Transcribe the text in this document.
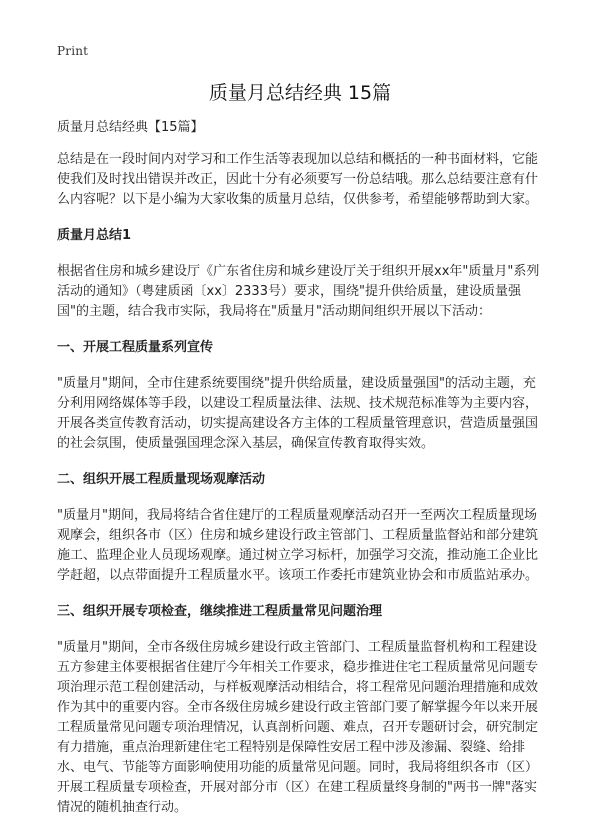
Print
质量月总结经典 15篇

质量月总结经典【15篇】

总结是在一段时间内对学习和工作生活等表现加以总结和概括的一种书面材料，它能使我们及时找出错误并改正，因此十分有必须要写一份总结哦。那么总结要注意有什么内容呢？以下是小编为大家收集的质量月总结，仅供参考，希望能够帮助到大家。

质量月总结1

根据省住房和城乡建设厅《广东省住房和城乡建设厅关于组织开展xx年"质量月"系列活动的通知》（粤建质函〔xx〕2333号）要求，围绕"提升供给质量，建设质量强国"的主题，结合我市实际，我局将在"质量月"活动期间组织开展以下活动：

一、开展工程质量系列宣传

"质量月"期间，全市住建系统要围绕"提升供给质量，建设质量强国"的活动主题，充分利用网络媒体等手段，以建设工程质量法律、法规、技术规范标准等为主要内容，开展各类宣传教育活动，切实提高建设各方主体的工程质量管理意识，营造质量强国的社会氛围，使质量强国理念深入基层，确保宣传教育取得实效。

二、组织开展工程质量现场观摩活动

"质量月"期间，我局将结合省住建厅的工程质量观摩活动召开一至两次工程质量现场观摩会，组织各市（区）住房和城乡建设行政主管部门、工程质量监督站和部分建筑施工、监理企业人员现场观摩。通过树立学习标杆，加强学习交流，推动施工企业比学赶超，以点带面提升工程质量水平。该项工作委托市建筑业协会和市质监站承办。

三、组织开展专项检查，继续推进工程质量常见问题治理

"质量月"期间，全市各级住房城乡建设行政主管部门、工程质量监督机构和工程建设五方参建主体要根据省住建厅今年相关工作要求，稳步推进住宅工程质量常见问题专项治理示范工程创建活动，与样板观摩活动相结合，将工程常见问题治理措施和成效作为其中的重要内容。全市各级住房城乡建设行政主管部门要了解掌握今年以来开展工程质量常见问题专项治理情况，认真剖析问题、难点，召开专题研讨会，研究制定有力措施，重点治理新建住宅工程特别是保障性安居工程中涉及渗漏、裂缝、给排水、电气、节能等方面影响使用功能的质量常见问题。同时，我局将组织各市（区）开展工程质量专项检查，开展对部分市（区）在建工程质量终身制的"两书一牌"落实情况的随机抽查行动。
